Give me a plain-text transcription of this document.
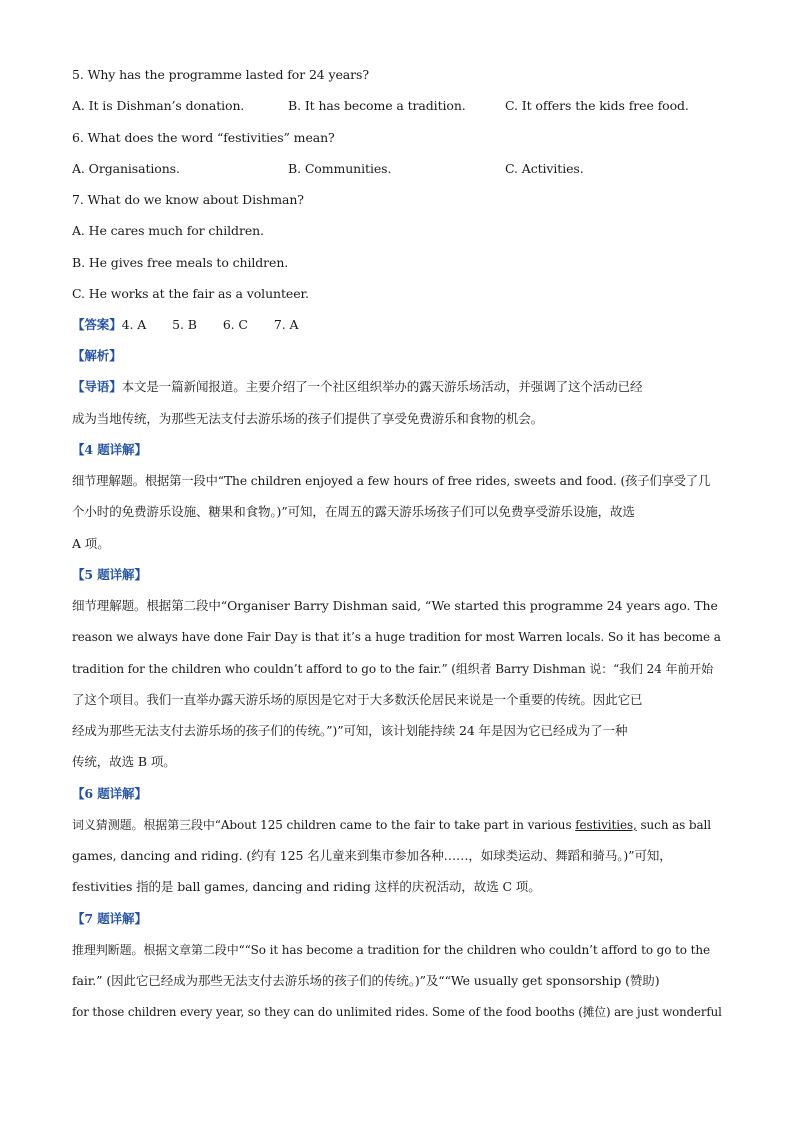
5. Why has the programme lasted for 24 years?
A. It is Dishman’s donation.	B. It has become a tradition.	C. It offers the kids free food.
6. What does the word “festivities” mean?
A. Organisations.	B. Communities.	C. Activities.
7. What do we know about Dishman?
A. He cares much for children.
B. He gives free meals to children.
C. He works at the fair as a volunteer.
【答案】4. A 5. B 6. C 7. A
【解析】
【导语】本文是一篇新闻报道。主要介绍了一个社区组织举办的露天游乐场活动，并强调了这个活动已经
成为当地传统，为那些无法支付去游乐场的孩子们提供了享受免费游乐和食物的机会。
【4 题详解】
细节理解题。根据第一段中“The children enjoyed a few hours of free rides, sweets and food. (孩子们享受了几
个小时的免费游乐设施、糖果和食物。)”可知，在周五的露天游乐场孩子们可以免费享受游乐设施，故选
A 项。
【5 题详解】
细节理解题。根据第二段中“Organiser Barry Dishman said, “We started this programme 24 years ago. The
reason we always have done Fair Day is that it’s a huge tradition for most Warren locals. So it has become a
tradition for the children who couldn’t afford to go to the fair.” (组织者 Barry Dishman 说：“我们 24 年前开始
了这个项目。我们一直举办露天游乐场的原因是它对于大多数沃伦居民来说是一个重要的传统。因此它已
经成为那些无法支付去游乐场的孩子们的传统。”)”可知，该计划能持续 24 年是因为它已经成为了一种
传统，故选 B 项。
【6 题详解】
词义猜测题。根据第三段中“About 125 children came to the fair to take part in various festivities, such as ball
games, dancing and riding. (约有 125 名儿童来到集市参加各种……，如球类运动、舞蹈和骑马。)”可知，
festivities 指的是 ball games, dancing and riding 这样的庆祝活动，故选 C 项。
【7 题详解】
推理判断题。根据文章第二段中““So it has become a tradition for the children who couldn’t afford to go to the
fair.” (因此它已经成为那些无法支付去游乐场的孩子们的传统。)”及““We usually get sponsorship (赞助)
for those children every year, so they can do unlimited rides. Some of the food booths (摊位) are just wonderful
